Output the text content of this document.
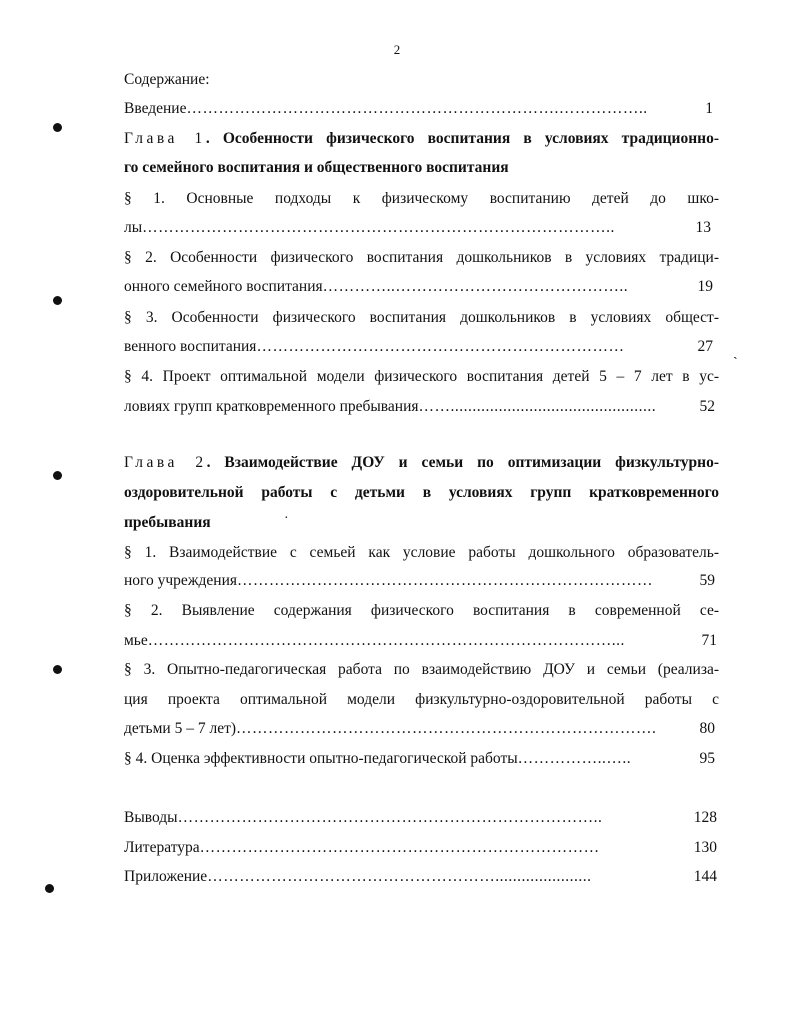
2
Содержание:
Введение …………………………………………………………….……………..	1
Глава 1. Особенности физического воспитания в условиях традиционно-
го семейного воспитания и общественного воспитания
§ 1. Основные подходы к физическому воспитанию детей до шко-
лы ……………………………………………………………………………..	13
§ 2. Особенности физического воспитания дошкольников в условиях традици-
онного семейного воспитания …………..……………………………………..	19
§ 3. Особенности физического воспитания дошкольников в условиях общест-
венного воспитания ……………………………………………………………	27
§ 4. Проект оптимальной модели физического воспитания детей 5 – 7 лет в ус-
ловиях групп кратковременного пребывания ……...............................................	52
Глава 2. Взаимодействие ДОУ и семьи по оптимизации физкультурно-
оздоровительной работы с детьми в условиях групп кратковременного
пребывания
§ 1. Взаимодействие с семьей как условие работы дошкольного образователь-
ного учреждения ……………………………………………………………………	59
§ 2. Выявление содержания физического воспитания в современной се-
мье ……………………………………………………………………………...	71
§ 3. Опытно-педагогическая работа по взаимодействию ДОУ и семьи (реализа-
ция проекта оптимальной модели физкультурно-оздоровительной работы с
детьми 5 – 7 лет) …………………………………………………………………….	80
§ 4. Оценка эффективности опытно-педагогической работы ……………..…..	95
Выводы ……………………………………………………………………..	128
Литература …………………………………………………………………	130
Приложение ………………………………………………......................	144
ˎ
·
